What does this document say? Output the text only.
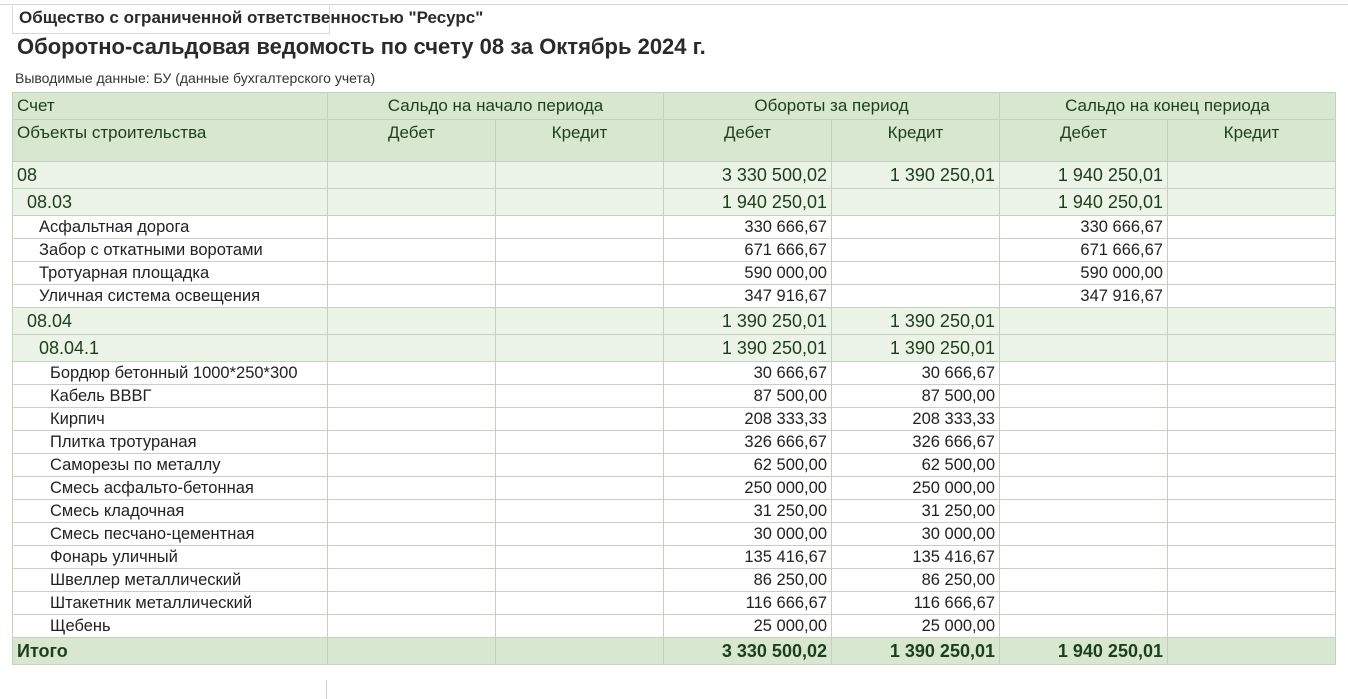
Общество с ограниченной ответственностью "Ресурс"
Оборотно-сальдовая ведомость по счету 08 за Октябрь 2024 г.
Выводимые данные: БУ (данные бухгалтерского учета)
Счет	Сальдо на начало периода		Обороты за период		Сальдо на конец периода	
Объекты строительства	Дебет	Кредит	Дебет	Кредит	Дебет	Кредит
08			3 330 500,02	1 390 250,01	1 940 250,01	
08.03			1 940 250,01		1 940 250,01	
Асфальтная дорога			330 666,67		330 666,67	
Забор с откатными воротами			671 666,67		671 666,67	
Тротуарная площадка			590 000,00		590 000,00	
Уличная система освещения			347 916,67		347 916,67	
08.04			1 390 250,01	1 390 250,01		
08.04.1			1 390 250,01	1 390 250,01		
Бордюр бетонный 1000*250*300			30 666,67	30 666,67		
Кабель ВВВГ			87 500,00	87 500,00		
Кирпич			208 333,33	208 333,33		
Плитка тротураная			326 666,67	326 666,67		
Саморезы по металлу			62 500,00	62 500,00		
Смесь асфальто-бетонная			250 000,00	250 000,00		
Смесь кладочная			31 250,00	31 250,00		
Смесь песчано-цементная			30 000,00	30 000,00		
Фонарь уличный			135 416,67	135 416,67		
Швеллер металлический			86 250,00	86 250,00		
Штакетник металлический			116 666,67	116 666,67		
Щебень			25 000,00	25 000,00		
Итого			3 330 500,02	1 390 250,01	1 940 250,01	
